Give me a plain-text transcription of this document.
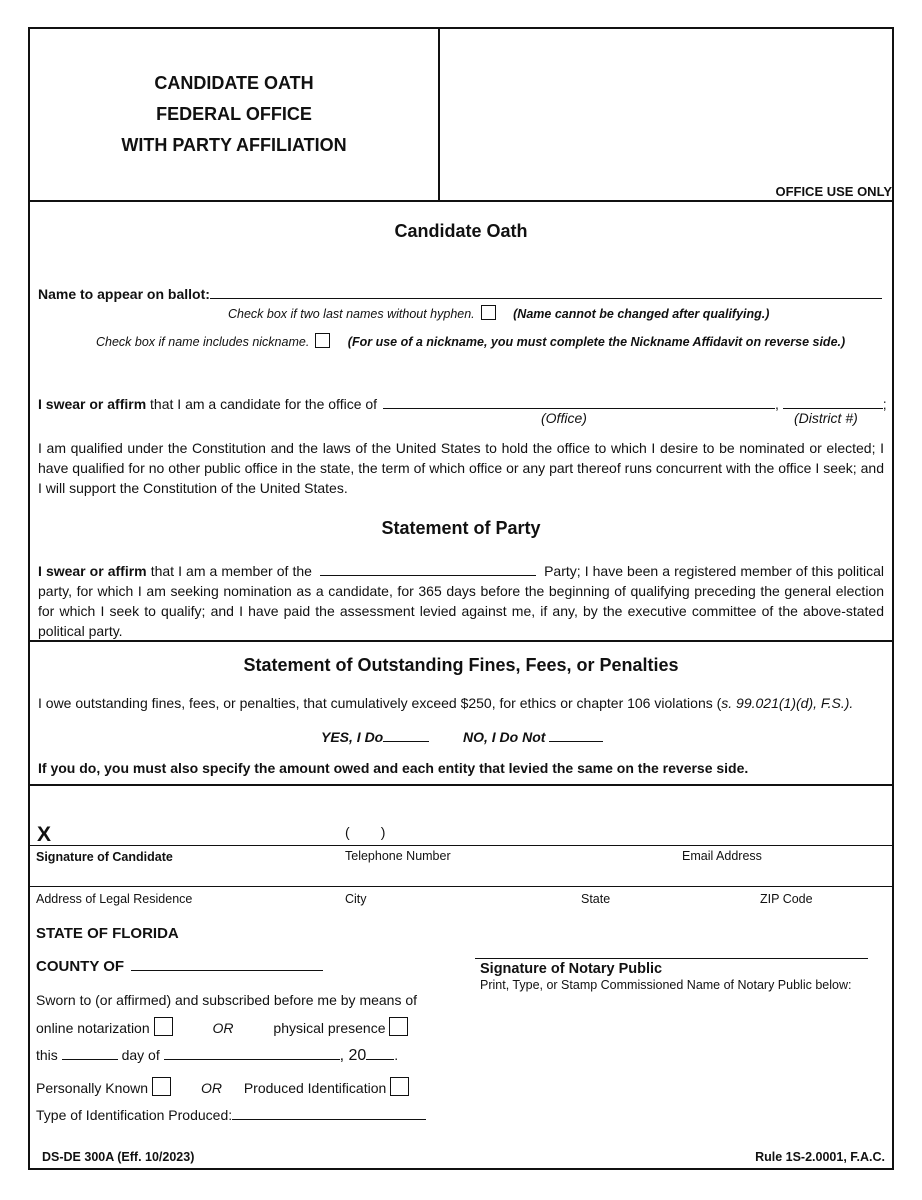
CANDIDATE OATH
FEDERAL OFFICE
WITH PARTY AFFILIATION
OFFICE USE ONLY
Candidate Oath
Name to appear on ballot:
Check box if two last names without hyphen.	(Name cannot be changed after qualifying.)
Check box if name includes nickname.	(For use of a nickname, you must complete the Nickname Affidavit on reverse side.)
I swear or affirm that I am a candidate for the office of	,	;
(Office)	(District #)
I am qualified under the Constitution and the laws of the United States to hold the office to which I desire to be nominated or elected; I have qualified for no other public office in the state, the term of which office or any part thereof runs concurrent with the office I seek; and I will support the Constitution of the United States.
Statement of Party
I swear or affirm that I am a member of the	Party; I have been a registered member of this political party, for which I am seeking nomination as a candidate, for 365 days before the beginning of qualifying preceding the general election for which I seek to qualify; and I have paid the assessment levied against me, if any, by the executive committee of the above-stated political party.
Statement of Outstanding Fines, Fees, or Penalties
I owe outstanding fines, fees, or penalties, that cumulatively exceed $250, for ethics or chapter 106 violations (s. 99.021(1)(d), F.S.).
YES, I Do	NO, I Do Not
If you do, you must also specify the amount owed and each entity that levied the same on the reverse side.
X	(        )
Signature of Candidate	Telephone Number	Email Address
Address of Legal Residence	City	State	ZIP Code
STATE OF FLORIDA
COUNTY OF
Sworn to (or affirmed) and subscribed before me by means of
online notarization	OR	physical presence
this	day of	, 20 .
Personally Known	OR Produced Identification
Type of Identification Produced:
Signature of Notary Public
Print, Type, or Stamp Commissioned Name of Notary Public below:
DS-DE 300A (Eff. 10/2023)	Rule 1S-2.0001, F.A.C.
